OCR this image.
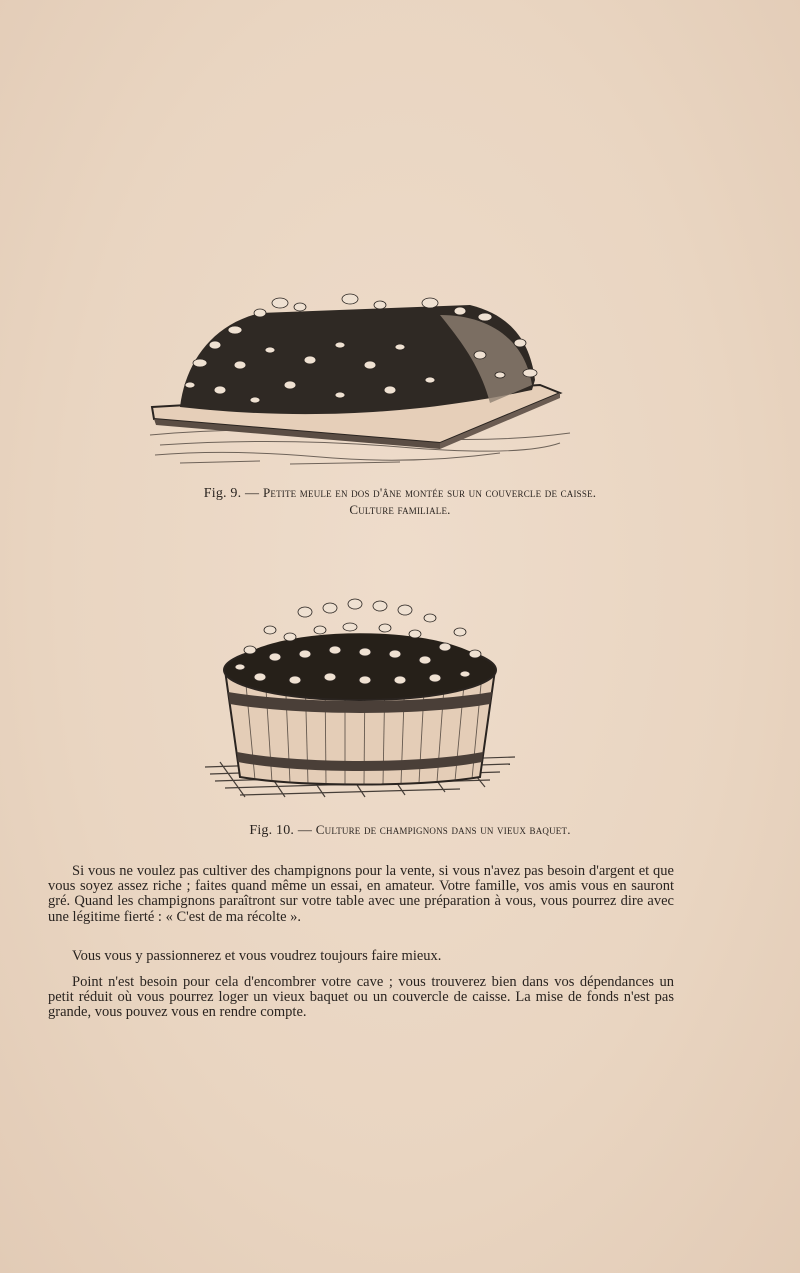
Fig. 9. — Petite meule en dos d'âne montée sur un couvercle de caisse.
Culture familiale.
Fig. 10. — Culture de champignons dans un vieux baquet.

Si vous ne voulez pas cultiver des champignons pour la vente, si vous n'avez pas besoin d'argent et que vous soyez assez riche ; faites quand même un essai, en amateur. Votre famille, vos amis vous en sauront gré. Quand les champignons paraîtront sur votre table avec une préparation à vous, vous pourrez dire avec une légitime fierté : « C'est de ma récolte ».

Vous vous y passionnerez et vous voudrez toujours faire mieux.

Point n'est besoin pour cela d'encombrer votre cave ; vous trouverez bien dans vos dépendances un petit réduit où vous pourrez loger un vieux baquet ou un couvercle de caisse. La mise de fonds n'est pas grande, vous pouvez vous en rendre compte.
